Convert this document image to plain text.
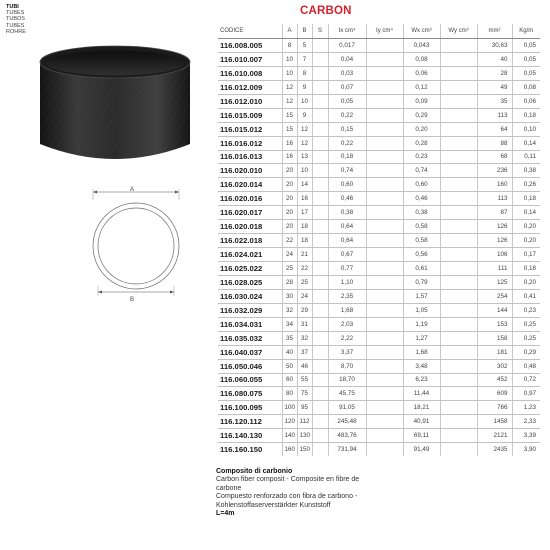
TUBI
TUBES
TUBOS
TUBES
ROHRE
CARBON
A
B
CODICE	A	B	S	Ix cm⁴	Iy cm⁴	Wx cm³	Wy cm³	mm²	Kg/m
116.008.005	8	5		0,017		0,043		30,63	0,05
116.010.007	10	7		0,04		0,08		40	0,05
116.010.008	10	8		0,03		0,06		28	0,05
116.012.009	12	9		0,07		0,12		49	0,08
116.012.010	12	10		0,05		0,09		35	0,06
116.015.009	15	9		0,22		0,29		113	0,18
116.015.012	15	12		0,15		0,20		64	0,10
116.016.012	16	12		0,22		0,28		88	0,14
116.016.013	16	13		0,18		0,23		68	0,11
116.020.010	20	10		0,74		0,74		236	0,38
116.020.014	20	14		0,60		0,60		160	0,26
116.020.016	20	16		0,46		0,46		113	0,18
116.020.017	20	17		0,38		0,38		87	0,14
116.020.018	20	18		0,64		0,58		126	0,20
116.022.018	22	18		0,64		0,58		126	0,20
116.024.021	24	21		0,67		0,56		106	0,17
116.025.022	25	22		0,77		0,61		111	0,18
116.028.025	28	25		1,10		0,79		125	0,20
116.030.024	30	24		2,35		1,57		254	0,41
116.032.029	32	29		1,68		1,05		144	0,23
116.034.031	34	31		2,03		1,19		153	0,25
116.035.032	35	32		2,22		1,27		158	0,25
116.040.037	40	37		3,37		1,68		181	0,29
116.050.046	50	46		8,70		3,48		302	0,48
116.060.055	60	55		18,70		6,23		452	0,72
116.080.075	80	75		45,75		11,44		609	0,97
116.100.095	100	95		91,05		18,21		766	1,23
116.120.112	120	112		245,48		40,91		1458	2,33
116.140.130	140	130		483,76		69,11		2121	3,39
116.160.150	160	150		731,94		91,49		2435	3,90
Composito di carbonio
Carbon fiber composit - Composite en fibre de carbone
Compuesto renforzado con fibra de carbono - Kohlenstoffaserverstärkter Kunststoff
L=4m
